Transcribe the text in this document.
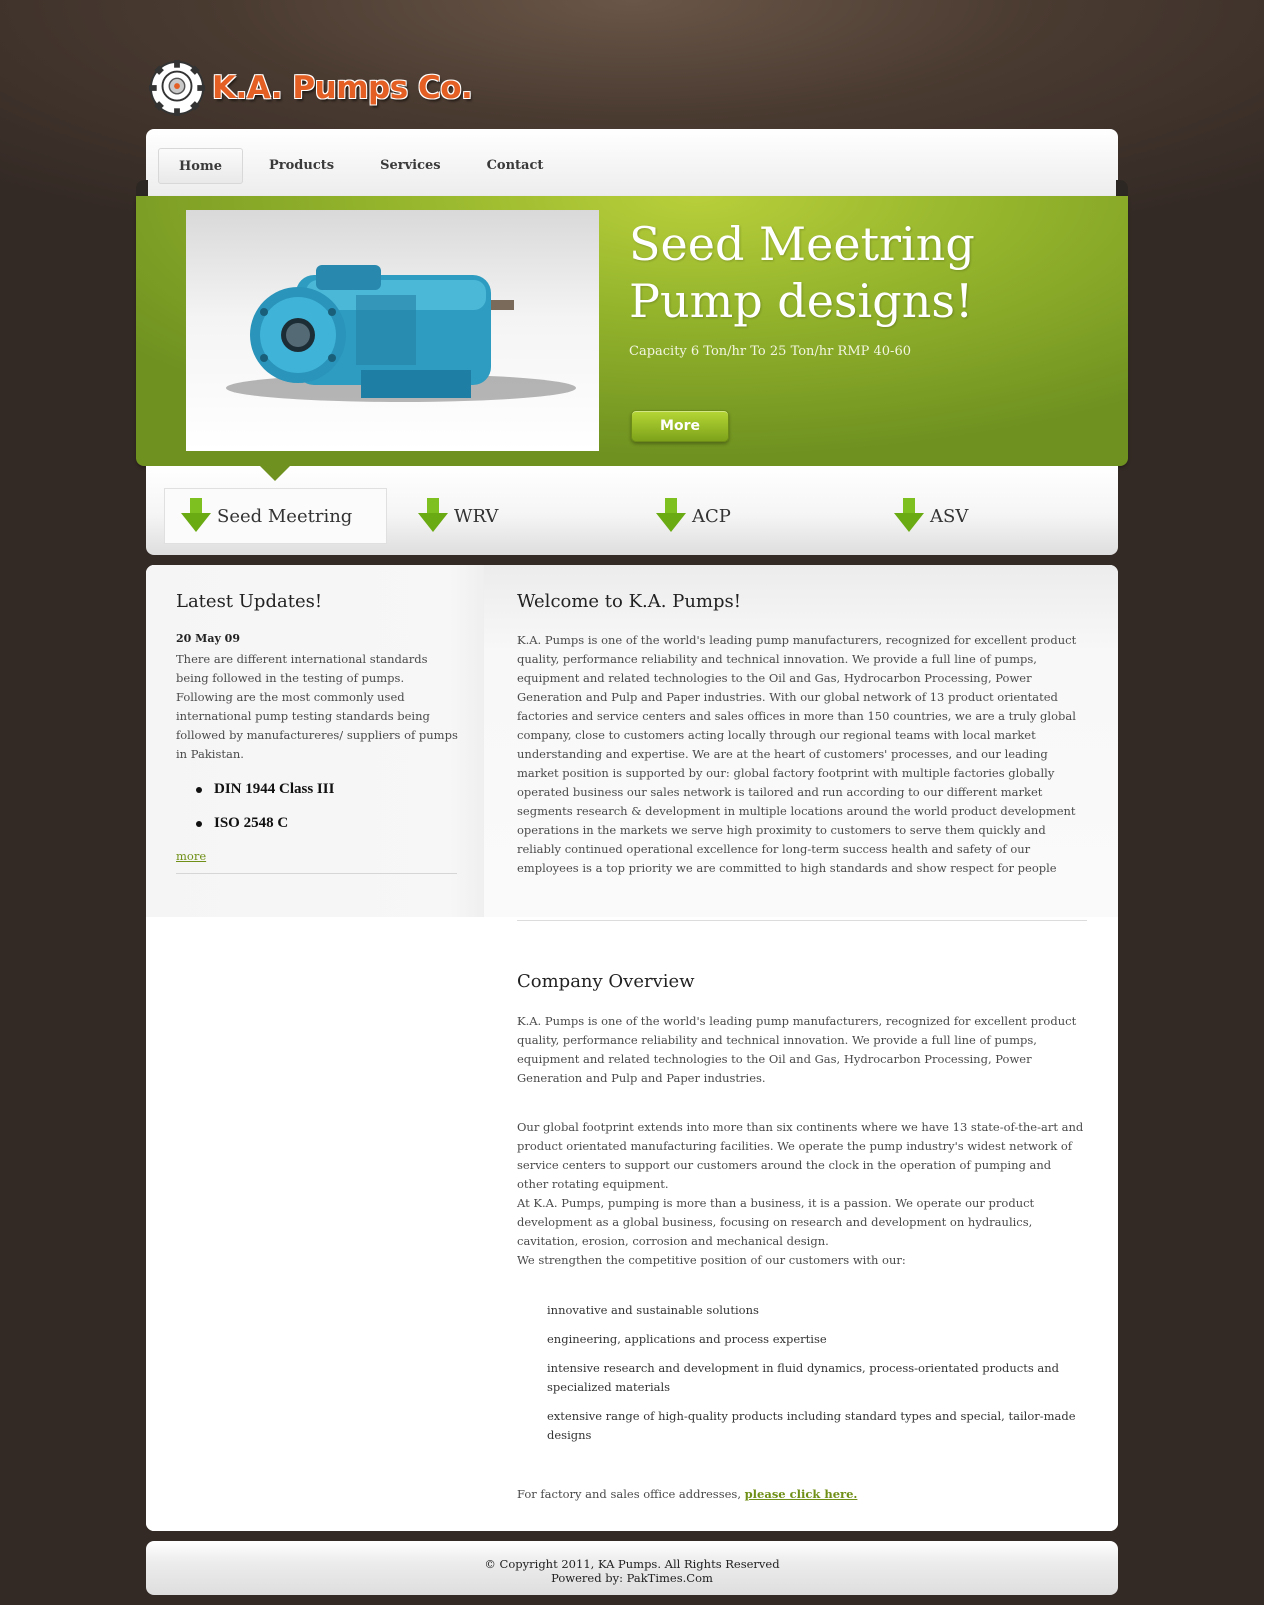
K.A. Pumps Co.
Home	Products	Services	Contact
Seed Meetring Pump designs!
Capacity 6 Ton/hr To 25 Ton/hr RMP 40-60
More
Seed Meetring	WRV	ACP	ASV
Latest Updates!
20 May 09
There are different international standards being followed in the testing of pumps. Following are the most commonly used international pump testing standards being followed by manufactureres/ suppliers of pumps in Pakistan.
DIN 1944 Class III
ISO 2548 C
more
Welcome to K.A. Pumps!
K.A. Pumps is one of the world's leading pump manufacturers, recognized for excellent product quality, performance reliability and technical innovation. We provide a full line of pumps, equipment and related technologies to the Oil and Gas, Hydrocarbon Processing, Power Generation and Pulp and Paper industries. With our global network of 13 product orientated factories and service centers and sales offices in more than 150 countries, we are a truly global company, close to customers acting locally through our regional teams with local market understanding and expertise. We are at the heart of customers' processes, and our leading market position is supported by our: global factory footprint with multiple factories globally operated business our sales network is tailored and run according to our different market segments research & development in multiple locations around the world product development operations in the markets we serve high proximity to customers to serve them quickly and reliably continued operational excellence for long-term success health and safety of our employees is a top priority we are committed to high standards and show respect for people
Company Overview
K.A. Pumps is one of the world's leading pump manufacturers, recognized for excellent product quality, performance reliability and technical innovation. We provide a full line of pumps, equipment and related technologies to the Oil and Gas, Hydrocarbon Processing, Power Generation and Pulp and Paper industries.
Our global footprint extends into more than six continents where we have 13 state-of-the-art and product orientated manufacturing facilities. We operate the pump industry's widest network of service centers to support our customers around the clock in the operation of pumping and other rotating equipment.
At K.A. Pumps, pumping is more than a business, it is a passion. We operate our product development as a global business, focusing on research and development on hydraulics, cavitation, erosion, corrosion and mechanical design.
We strengthen the competitive position of our customers with our:
innovative and sustainable solutions
engineering, applications and process expertise
intensive research and development in fluid dynamics, process-orientated products and specialized materials
extensive range of high-quality products including standard types and special, tailor-made designs
For factory and sales office addresses, please click here.
© Copyright 2011, KA Pumps. All Rights Reserved
Powered by: PakTimes.Com
